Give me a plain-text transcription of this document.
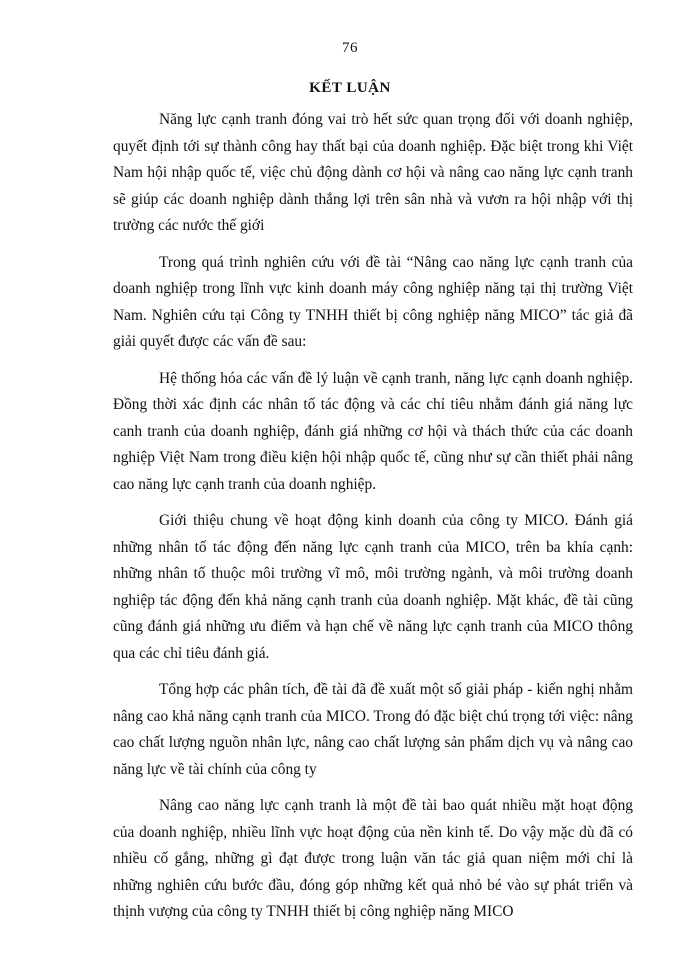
76
KẾT LUẬN

Năng lực cạnh tranh đóng vai trò hết sức quan trọng đối với doanh nghiệp, quyết định tới sự thành công hay thất bại của doanh nghiệp. Đặc biệt trong khi Việt Nam hội nhập quốc tế, việc chủ động dành cơ hội và nâng cao năng lực cạnh tranh sẽ giúp các doanh nghiệp dành thắng lợi trên sân nhà và vươn ra hội nhập với thị trường các nước thế giới

Trong quá trình nghiên cứu với đề tài “Nâng cao năng lực cạnh tranh của doanh nghiệp trong lĩnh vực kinh doanh máy công nghiệp năng tại thị trường Việt Nam. Nghiên cứu tại Công ty TNHH thiết bị công nghiệp năng MICO” tác giả đã giải quyết được các vấn đề sau:

Hệ thống hóa các vấn đề lý luận về cạnh tranh, năng lực cạnh doanh nghiệp. Đồng thời xác định các nhân tố tác động và các chỉ tiêu nhằm đánh giá năng lực canh tranh của doanh nghiệp, đánh giá những cơ hội và thách thức của các doanh nghiệp Việt Nam trong điều kiện hội nhập quốc tế, cũng như sự cần thiết phải nâng cao năng lực cạnh tranh của doanh nghiệp.

Giới thiệu chung về hoạt động kinh doanh của công ty MICO. Đánh giá những nhân tố tác động đến năng lực cạnh tranh của MICO, trên ba khía cạnh: những nhân tố thuộc môi trường vĩ mô, môi trường ngành, và môi trường doanh nghiệp tác động đến khả năng cạnh tranh của doanh nghiệp. Mặt khác, đề tài cũng cũng đánh giá những ưu điểm và hạn chế về năng lực cạnh tranh của MICO thông qua các chỉ tiêu đánh giá.

Tổng hợp các phân tích, đề tài đã đề xuất một số giải pháp - kiến nghị nhằm nâng cao khả năng cạnh tranh của MICO. Trong đó đặc biệt chú trọng tới việc: nâng cao chất lượng nguồn nhân lực, nâng cao chất lượng sản phẩm dịch vụ và nâng cao năng lực về tài chính của công ty

Nâng cao năng lực cạnh tranh là một đề tài bao quát nhiều mặt hoạt động của doanh nghiệp, nhiều lĩnh vực hoạt động của nền kinh tế. Do vậy mặc dù đã có nhiều cố gắng, những gì đạt được trong luận văn tác giả quan niệm mới chỉ là những nghiên cứu bước đầu, đóng góp những kết quả nhỏ bé vào sự phát triển và thịnh vượng của công ty TNHH thiết bị công nghiệp năng MICO
